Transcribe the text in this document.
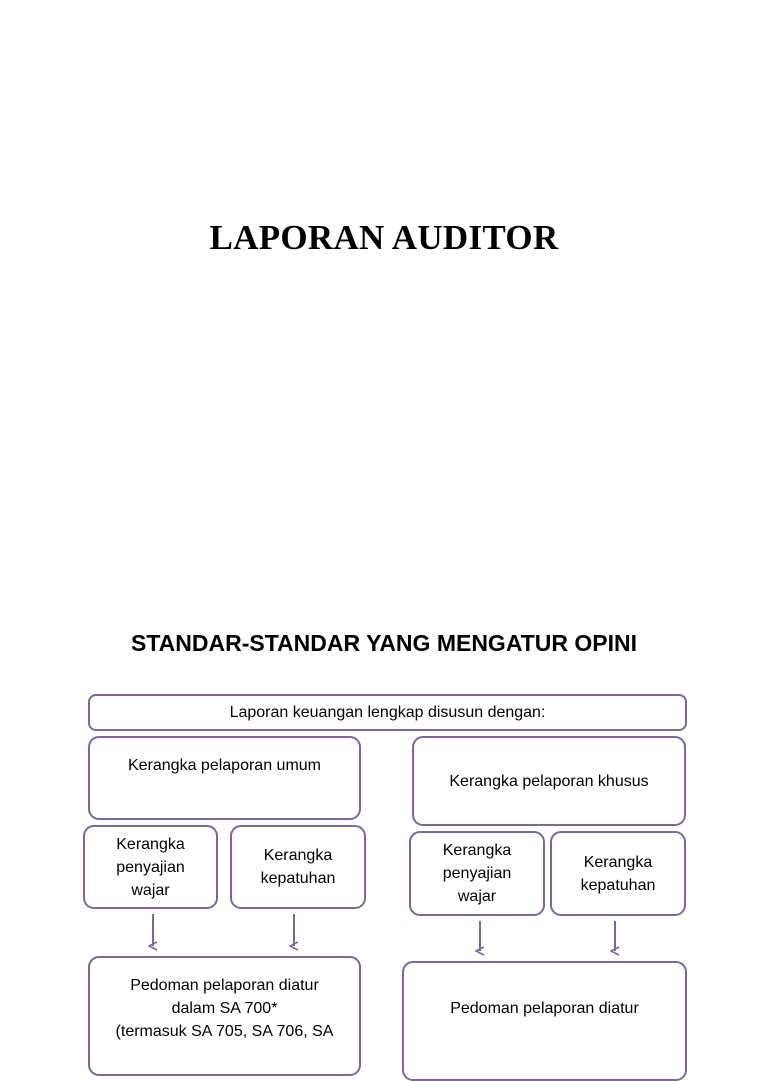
LAPORAN AUDITOR
STANDAR-STANDAR YANG MENGATUR OPINI
Laporan keuangan lengkap disusun dengan:
Kerangka pelaporan umum
Kerangka pelaporan khusus
Kerangka
penyajian
wajar
Kerangka
kepatuhan
Kerangka
penyajian
wajar
Kerangka
kepatuhan
Pedoman pelaporan diatur
dalam SA 700*
(termasuk SA 705, SA 706, SA
Pedoman pelaporan diatur
